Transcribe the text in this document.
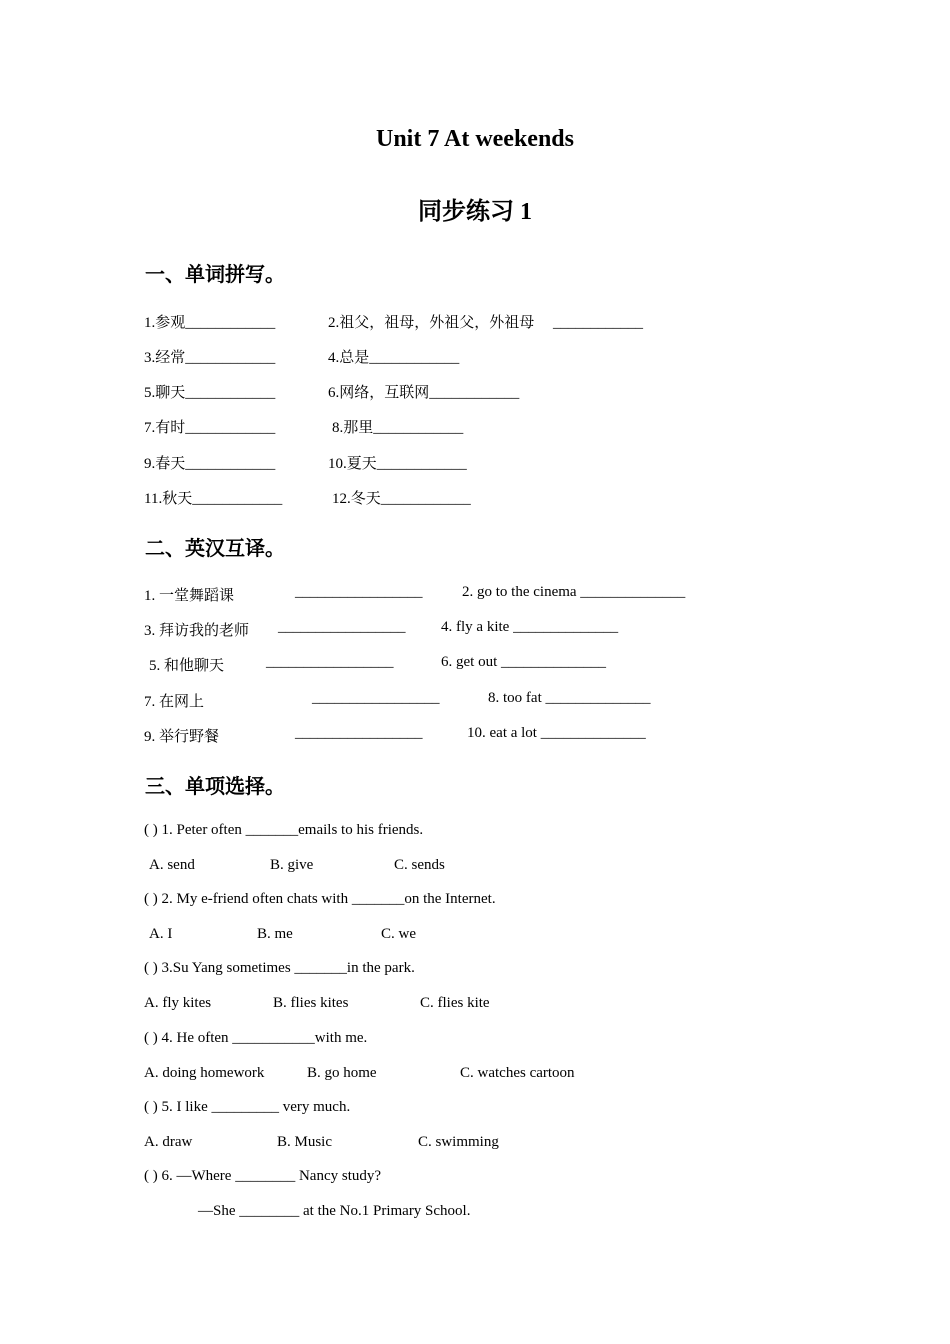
Unit 7 At weekends
同步练习 1
一、单词拼写。
1.参观____________	2.祖父，祖母，外祖父，外祖母　 ____________
3.经常____________	4.总是____________
5.聊天____________	6.网络，互联网____________
7.有时____________	8.那里____________
9.春天____________	10.夏天____________
11.秋天____________	12.冬天____________
二、英汉互译。
1. 一堂舞蹈课	_________________	2. go to the cinema ______________
3. 拜访我的老师 _________________ 4. fly a kite ______________
5. 和他聊天	_________________	6. get out ______________
7. 在网上	_________________	8. too fat ______________
9. 举行野餐	_________________	10. eat a lot ______________
三、单项选择。
( ) 1. Peter often _______emails to his friends.
A. send	B. give	C. sends
( ) 2. My e-friend often chats with _______on the Internet.
A. I	B. me	C. we
( ) 3.Su Yang sometimes _______in the park.
A. fly kites	B. flies kites	C. flies kite
( ) 4. He often ___________with me.
A. doing homework	B. go home	C. watches cartoon
( ) 5. I like _________ very much.
A. draw	B. Music	C. swimming
( ) 6. —Where ________ Nancy study?
—She ________ at the No.1 Primary School.
